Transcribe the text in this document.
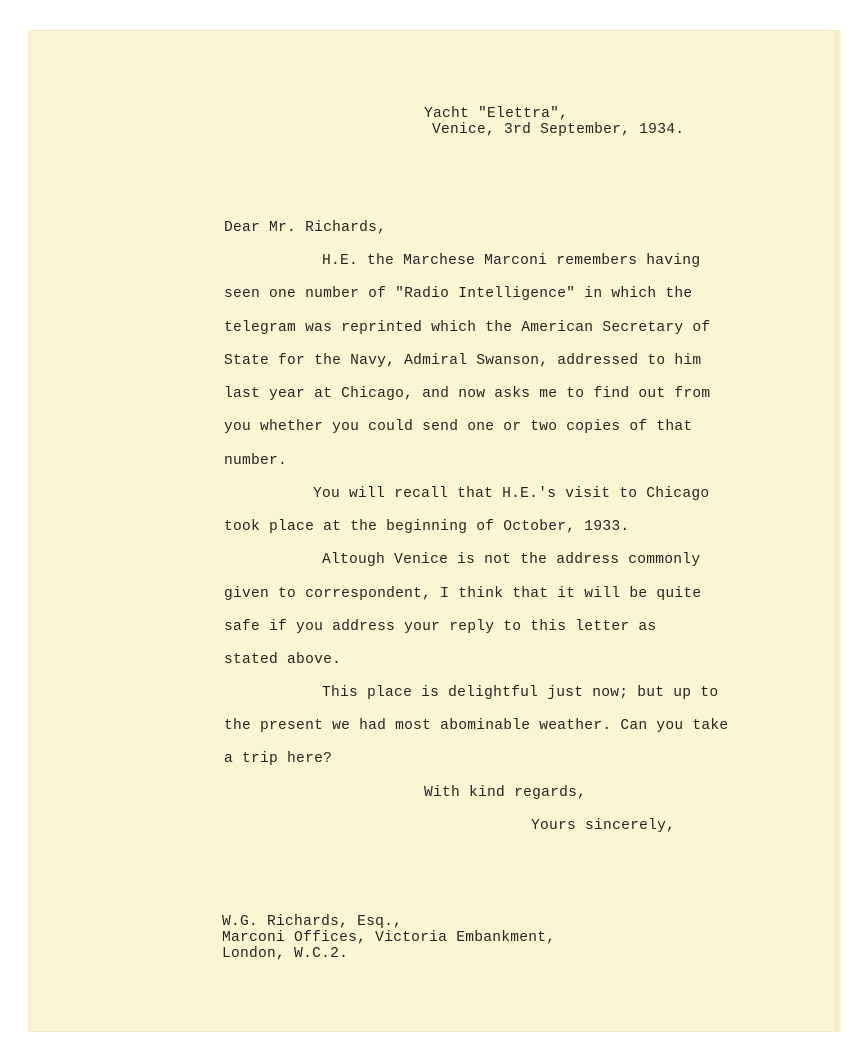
Yacht "Elettra",
Venice, 3rd September, 1934.
Dear Mr. Richards,
H.E. the Marchese Marconi remembers having
seen one number of "Radio Intelligence" in which the
telegram was reprinted which the American Secretary of
State for the Navy, Admiral Swanson, addressed to him
last year at Chicago, and now asks me to find out from
you whether you could send one or two copies of that
number.
You will recall that H.E.'s visit to Chicago
took place at the beginning of October, 1933.
Altough Venice is not the address commonly
given to correspondent, I think that it will be quite
safe if you address your reply to this letter as
stated above.
This place is delightful just now; but up to
the present we had most abominable weather. Can you take
a trip here?
With kind regards,
Yours sincerely,
W.G. Richards, Esq.,
Marconi Offices, Victoria Embankment,
London, W.C.2.
